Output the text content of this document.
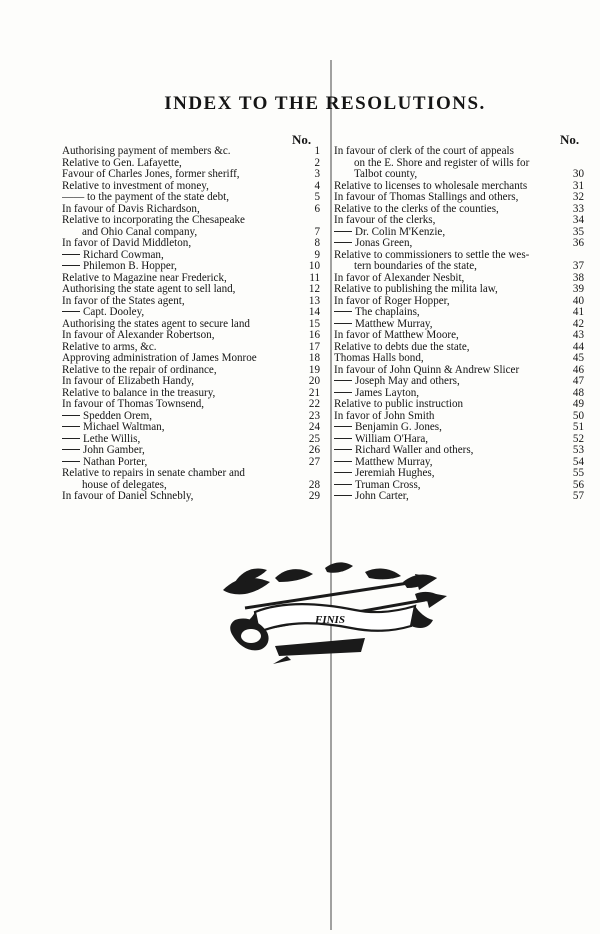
INDEX TO THE RESOLUTIONS.
No.	No.
Authorising payment of members &c.	1
Relative to Gen. Lafayette,	2
Favour of Charles Jones, former sheriff,	3
Relative to investment of money,	4
—— to the payment of the state debt,	5
In favour of Davis Richardson,	6
Relative to incorporating the Chesapeake
and Ohio Canal company,	7
In favor of David Middleton,	8
Richard Cowman,	9
Philemon B. Hopper,	10
Relative to Magazine near Frederick,	11
Authorising the state agent to sell land,	12
In favor of the States agent,	13
Capt. Dooley,	14
Authorising the states agent to secure land	15
In favour of Alexander Robertson,	16
Relative to arms, &c.	17
Approving administration of James Monroe	18
Relative to the repair of ordinance,	19
In favour of Elizabeth Handy,	20
Relative to balance in the treasury,	21
In favour of Thomas Townsend,	22
Spedden Orem,	23
Michael Waltman,	24
Lethe Willis,	25
John Gamber,	26
Nathan Porter,	27
Relative to repairs in senate chamber and
house of delegates,	28
In favour of Daniel Schnebly,	29
In favour of clerk of the court of appeals
on the E. Shore and register of wills for
Talbot county,	30
Relative to licenses to wholesale merchants	31
In favour of Thomas Stallings and others,	32
Relative to the clerks of the counties,	33
In favour of the clerks,	34
Dr. Colin M'Kenzie,	35
Jonas Green,	36
Relative to commissioners to settle the wes-
tern boundaries of the state,	37
In favor of Alexander Nesbit,	38
Relative to publishing the milita law,	39
In favor of Roger Hopper,	40
The chaplains,	41
Matthew Murray,	42
In favor of Matthew Moore,	43
Relative to debts due the state,	44
Thomas Halls bond,	45
In favour of John Quinn & Andrew Slicer	46
Joseph May and others,	47
James Layton,	48
Relative to public instruction	49
In favor of John Smith	50
Benjamin G. Jones,	51
William O'Hara,	52
Richard Waller and others,	53
Matthew Murray,	54
Jeremiah Hughes,	55
Truman Cross,	56
John Carter,	57
FINIS
